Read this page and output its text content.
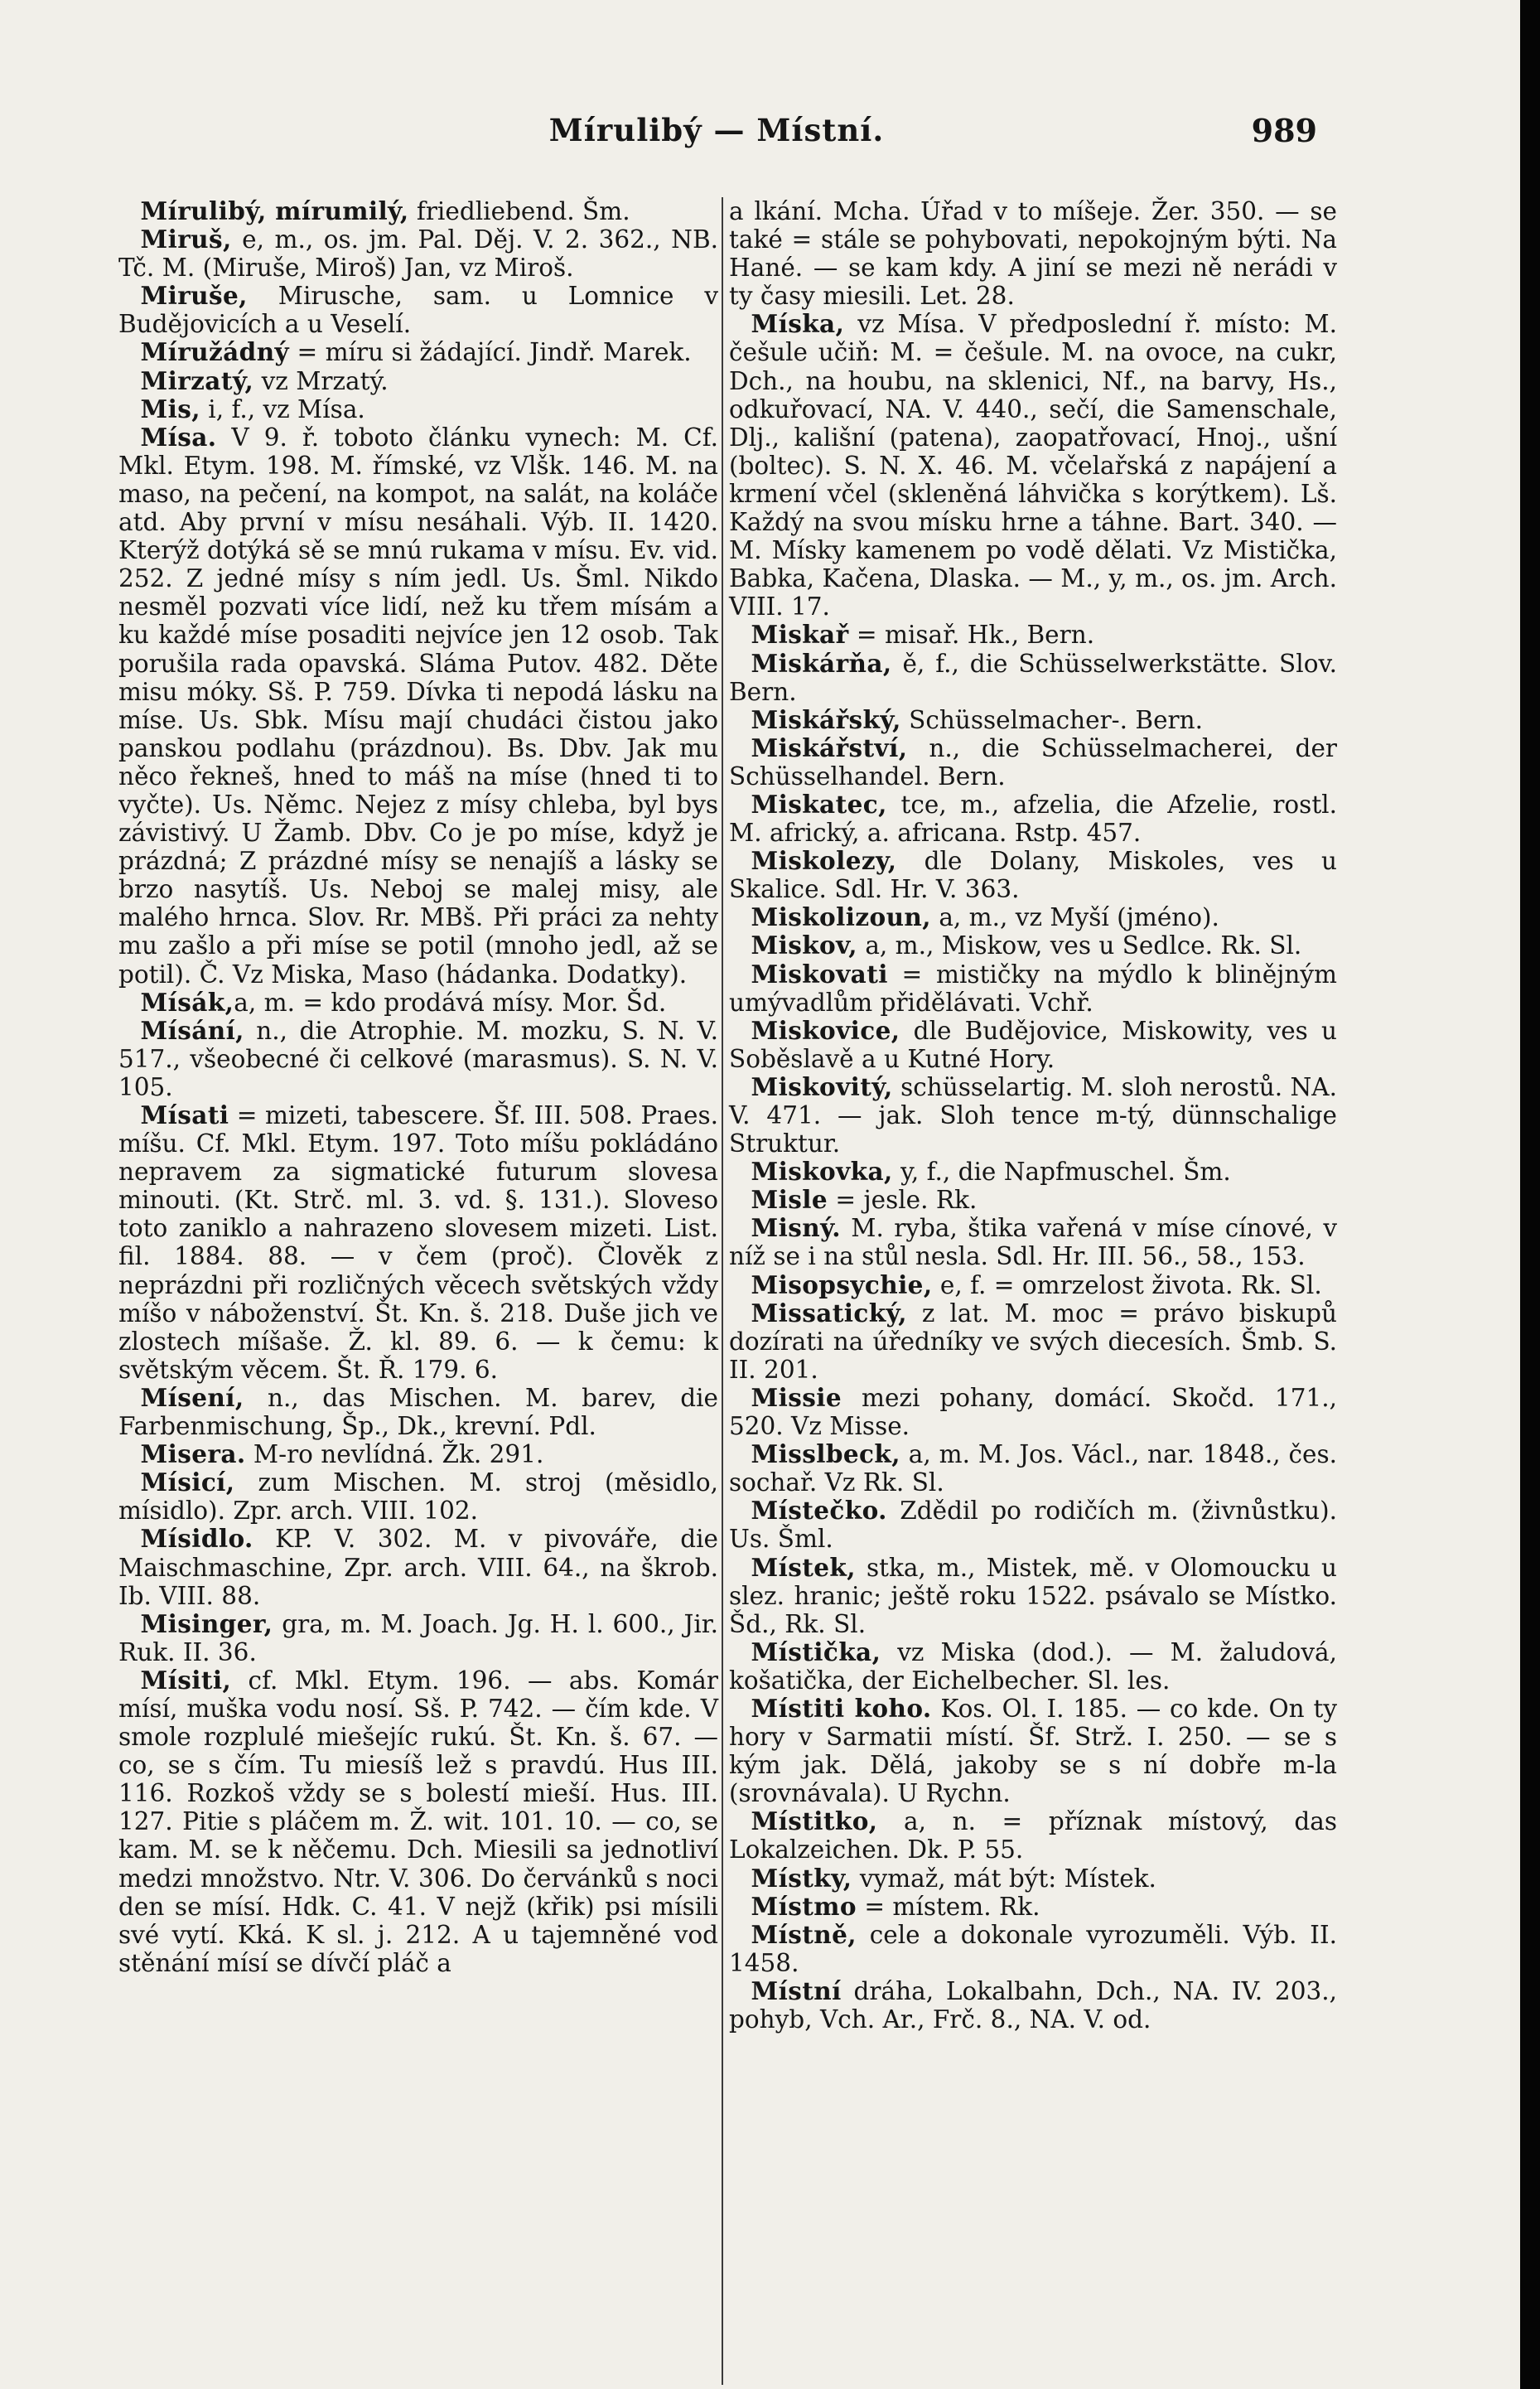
Mírulibý — Místní.	989

Mírulibý, mírumilý, friedliebend. Šm.

Miruš, e, m., os. jm. Pal. Děj. V. 2. 362., NB. Tč. M. (Miruše, Miroš) Jan, vz Miroš.

Miruše, Mirusche, sam. u Lomnice v Budějovicích a u Veselí.

Míružádný = míru si žádající. Jindř. Marek.

Mirzatý, vz Mrzatý.

Mis, i, f., vz Mísa.

Mísa. V 9. ř. toboto článku vynech: M. Cf. Mkl. Etym. 198. M. římské, vz Vlšk. 146. M. na maso, na pečení, na kompot, na salát, na koláče atd. Aby první v mísu nesáhali. Výb. II. 1420. Kterýž dotýká sě se mnú rukama v mísu. Ev. vid. 252. Z jedné mísy s ním jedl. Us. Šml. Nikdo nesměl pozvati více lidí, než ku třem mísám a ku každé míse posaditi nejvíce jen 12 osob. Tak porušila rada opavská. Sláma Putov. 482. Děte misu móky. Sš. P. 759. Dívka ti nepodá lásku na míse. Us. Sbk. Mísu mají chudáci čistou jako panskou podlahu (prázdnou). Bs. Dbv. Jak mu něco řekneš, hned to máš na míse (hned ti to vyčte). Us. Němc. Nejez z mísy chleba, byl bys závistivý. U Žamb. Dbv. Co je po míse, když je prázdná; Z prázdné mísy se nenajíš a lásky se brzo nasytíš. Us. Neboj se malej misy, ale malého hrnca. Slov. Rr. MBš. Při práci za nehty mu zašlo a při míse se potil (mnoho jedl, až se potil). Č. Vz Miska, Maso (hádanka. Dodatky).

Mísák,a, m. = kdo prodává mísy. Mor. Šd.

Mísání, n., die Atrophie. M. mozku, S. N. V. 517., všeobecné či celkové (marasmus). S. N. V. 105.

Mísati = mizeti, tabescere. Šf. III. 508. Praes. míšu. Cf. Mkl. Etym. 197. Toto míšu pokládáno nepravem za sigmatické futurum slovesa minouti. (Kt. Strč. ml. 3. vd. §. 131.). Sloveso toto zaniklo a nahrazeno slovesem mizeti. List. fil. 1884. 88. — v čem (proč). Člověk z neprázdni při rozličných věcech světských vždy míšo v náboženství. Št. Kn. š. 218. Duše jich ve zlostech míšaše. Ž. kl. 89. 6. — k čemu: k světským věcem. Št. Ř. 179. 6.

Mísení, n., das Mischen. M. barev, die Farbenmischung, Šp., Dk., krevní. Pdl.

Misera. M-ro nevlídná. Žk. 291.

Mísicí, zum Mischen. M. stroj (měsidlo, mísidlo). Zpr. arch. VIII. 102.

Mísidlo. KP. V. 302. M. v pivováře, die Maischmaschine, Zpr. arch. VIII. 64., na škrob. Ib. VIII. 88.

Misinger, gra, m. M. Joach. Jg. H. l. 600., Jir. Ruk. II. 36.

Mísiti, cf. Mkl. Etym. 196. — abs. Komár mísí, muška vodu nosí. Sš. P. 742. — čím kde. V smole rozplulé miešejíc rukú. Št. Kn. š. 67. — co, se s čím. Tu miesíš lež s pravdú. Hus III. 116. Rozkoš vždy se s bolestí mieší. Hus. III. 127. Pitie s pláčem m. Ž. wit. 101. 10. — co, se kam. M. se k něčemu. Dch. Miesili sa jednotliví medzi množstvo. Ntr. V. 306. Do červánků s noci den se mísí. Hdk. C. 41. V nejž (křik) psi mísili své vytí. Kká. K sl. j. 212. A u tajemněné vod stěnání mísí se dívčí pláč a

a lkání. Mcha. Úřad v to míšeje. Žer. 350. — se také = stále se pohybovati, nepokojným býti. Na Hané. — se kam kdy. A jiní se mezi ně nerádi v ty časy miesili. Let. 28.

Míska, vz Mísa. V předposlední ř. místo: M. češule učiň: M. = češule. M. na ovoce, na cukr, Dch., na houbu, na sklenici, Nf., na barvy, Hs., odkuřovací, NA. V. 440., sečí, die Samenschale, Dlj., kališní (patena), zaopatřovací, Hnoj., ušní (boltec). S. N. X. 46. M. včelařská z napájení a krmení včel (skleněná láhvička s korýtkem). Lš. Každý na svou mísku hrne a táhne. Bart. 340. — M. Mísky kamenem po vodě dělati. Vz Mistička, Babka, Kačena, Dlaska. — M., y, m., os. jm. Arch. VIII. 17.

Miskař = misař. Hk., Bern.

Miskárňa, ě, f., die Schüsselwerkstätte. Slov. Bern.

Miskářský, Schüsselmacher-. Bern.

Miskářství, n., die Schüsselmacherei, der Schüsselhandel. Bern.

Miskatec, tce, m., afzelia, die Afzelie, rostl. M. africký, a. africana. Rstp. 457.

Miskolezy, dle Dolany, Miskoles, ves u Skalice. Sdl. Hr. V. 363.

Miskolizoun, a, m., vz Myší (jméno).

Miskov, a, m., Miskow, ves u Sedlce. Rk. Sl.

Miskovati = mističky na mýdlo k blinějným umývadlům přidělávati. Vchř.

Miskovice, dle Budějovice, Miskowity, ves u Soběslavě a u Kutné Hory.

Miskovitý, schüsselartig. M. sloh nerostů. NA. V. 471. — jak. Sloh tence m-tý, dünnschalige Struktur.

Miskovka, y, f., die Napfmuschel. Šm.

Misle = jesle. Rk.

Misný. M. ryba, štika vařená v míse cínové, v níž se i na stůl nesla. Sdl. Hr. III. 56., 58., 153.

Misopsychie, e, f. = omrzelost života. Rk. Sl.

Missatický, z lat. M. moc = právo biskupů dozírati na úředníky ve svých diecesích. Šmb. S. II. 201.

Missie mezi pohany, domácí. Skočd. 171., 520. Vz Misse.

Misslbeck, a, m. M. Jos. Václ., nar. 1848., čes. sochař. Vz Rk. Sl.

Místečko. Zdědil po rodičích m. (živnůstku). Us. Šml.

Místek, stka, m., Mistek, mě. v Olomoucku u slez. hranic; ještě roku 1522. psávalo se Místko. Šd., Rk. Sl.

Místička, vz Miska (dod.). — M. žaludová, košatička, der Eichelbecher. Sl. les.

Místiti koho. Kos. Ol. I. 185. — co kde. On ty hory v Sarmatii místí. Šf. Strž. I. 250. — se s kým jak. Dělá, jakoby se s ní dobře m-la (srovnávala). U Rychn.

Místitko, a, n. = příznak místový, das Lokalzeichen. Dk. P. 55.

Místky, vymaž, mát být: Místek.

Místmo = místem. Rk.

Místně, cele a dokonale vyrozuměli. Výb. II. 1458.

Místní dráha, Lokalbahn, Dch., NA. IV. 203., pohyb, Vch. Ar., Frč. 8., NA. V. od.
